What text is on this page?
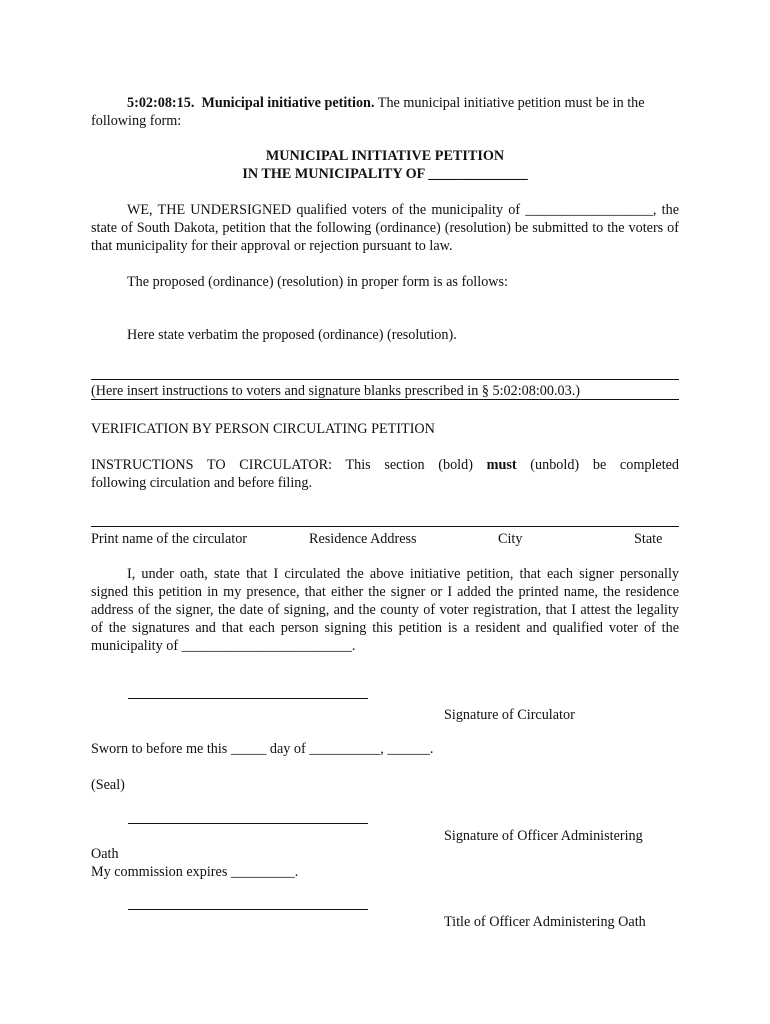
5:02:08:15. Municipal initiative petition. The municipal initiative petition must be in the following form:
MUNICIPAL INITIATIVE PETITION
IN THE MUNICIPALITY OF ______________
WE, THE UNDERSIGNED qualified voters of the municipality of __________________, the state of South Dakota, petition that the following (ordinance) (resolution) be submitted to the voters of that municipality for their approval or rejection pursuant to law.
The proposed (ordinance) (resolution) in proper form is as follows:
Here state verbatim the proposed (ordinance) (resolution).
(Here insert instructions to voters and signature blanks prescribed in § 5:02:08:00.03.)
VERIFICATION BY PERSON CIRCULATING PETITION
INSTRUCTIONS TO CIRCULATOR: This section (bold) must (unbold) be completed
following circulation and before filing.
Print name of the circulator	Residence Address	City	State
I, under oath, state that I circulated the above initiative petition, that each signer personally signed this petition in my presence, that either the signer or I added the printed name, the residence address of the signer, the date of signing, and the county of voter registration, that I attest the legality of the signatures and that each person signing this petition is a resident and qualified voter of the municipality of ________________________.
Signature of Circulator
Sworn to before me this _____ day of __________, ______.
(Seal)
Signature of Officer Administering
Oath
My commission expires _________.
Title of Officer Administering Oath
